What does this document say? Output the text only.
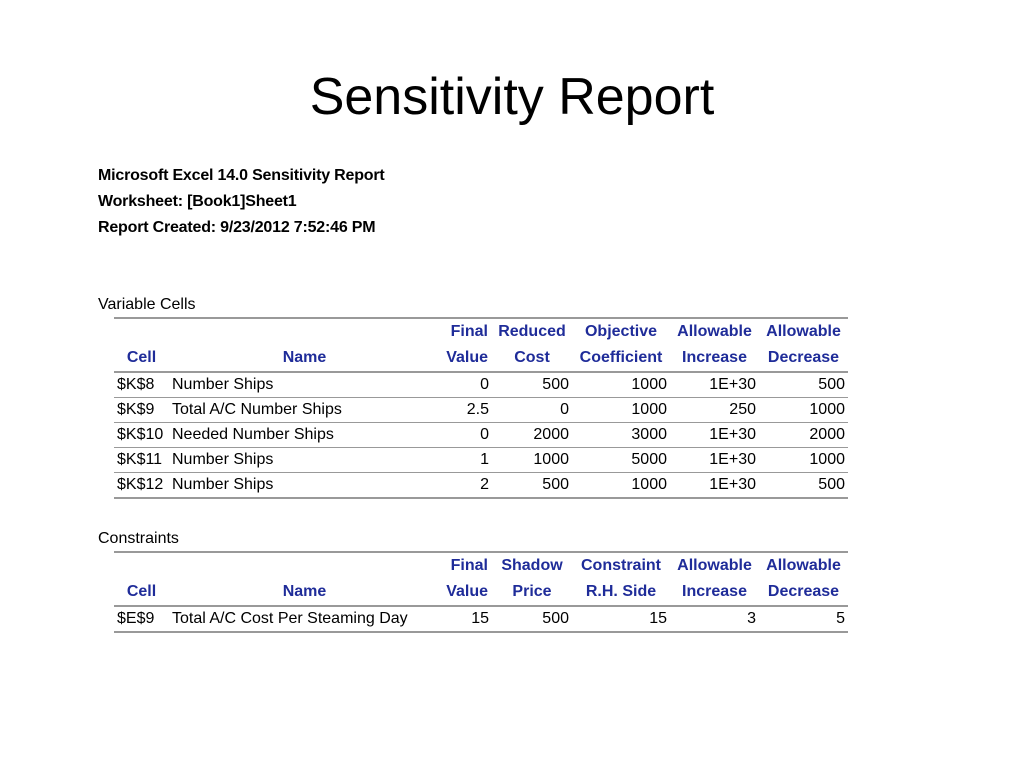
Sensitivity Report
Microsoft Excel 14.0 Sensitivity Report
Worksheet: [Book1]Sheet1
Report Created: 9/23/2012 7:52:46 PM
Variable Cells
		Final	Reduced	Objective	Allowable	Allowable
Cell	Name	Value	Cost	Coefficient	Increase	Decrease
$K$8	Number Ships	0	500	1000	1E+30	500
$K$9	Total A/C Number Ships	2.5	0	1000	250	1000
$K$10	Needed Number Ships	0	2000	3000	1E+30	2000
$K$11	Number Ships	1	1000	5000	1E+30	1000
$K$12	Number Ships	2	500	1000	1E+30	500
Constraints
		Final	Shadow	Constraint	Allowable	Allowable
Cell	Name	Value	Price	R.H. Side	Increase	Decrease
$E$9	Total A/C Cost Per Steaming Day	15	500	15	3	5
